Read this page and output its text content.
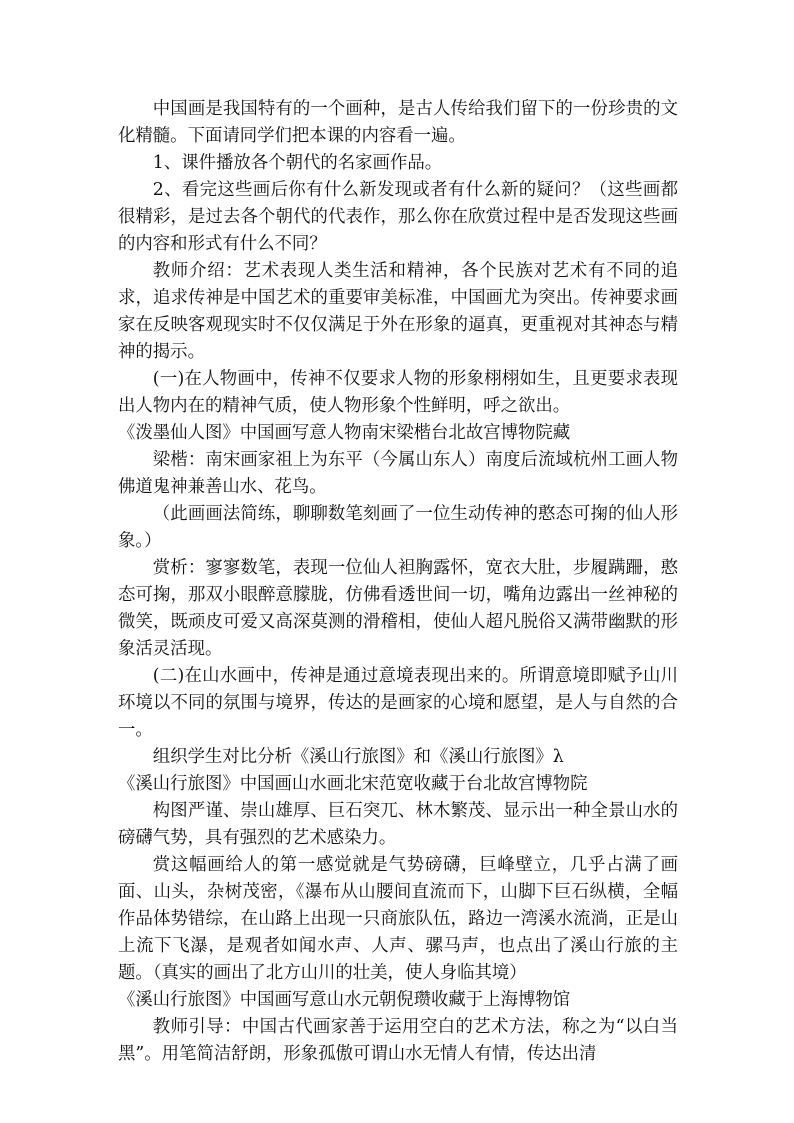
中国画是我国特有的一个画种，是古人传给我们留下的一份珍贵的文化精髓。下面请同学们把本课的内容看一遍。

1、课件播放各个朝代的名家画作品。

2、看完这些画后你有什么新发现或者有什么新的疑问？（这些画都很精彩，是过去各个朝代的代表作，那么你在欣赏过程中是否发现这些画的内容和形式有什么不同？

教师介绍：艺术表现人类生活和精神，各个民族对艺术有不同的追求，追求传神是中国艺术的重要审美标准，中国画尤为突出。传神要求画家在反映客观现实时不仅仅满足于外在形象的逼真，更重视对其神态与精神的揭示。

(一)在人物画中，传神不仅要求人物的形象栩栩如生，且更要求表现出人物内在的精神气质，使人物形象个性鲜明，呼之欲出。

《泼墨仙人图》中国画写意人物南宋梁楷台北故宫博物院藏

梁楷：南宋画家祖上为东平（今属山东人）南度后流域杭州工画人物佛道鬼神兼善山水、花鸟。

（此画画法简练，聊聊数笔刻画了一位生动传神的憨态可掬的仙人形象。）

赏析：寥寥数笔，表现一位仙人袒胸露怀，宽衣大肚，步履蹒跚，憨态可掬，那双小眼醉意朦胧，仿佛看透世间一切，嘴角边露出一丝神秘的微笑，既顽皮可爱又高深莫测的滑稽相，使仙人超凡脱俗又满带幽默的形象活灵活现。

(二)在山水画中，传神是通过意境表现出来的。所谓意境即赋予山川环境以不同的氛围与境界，传达的是画家的心境和愿望，是人与自然的合一。

组织学生对比分析《溪山行旅图》和《溪山行旅图》λ

《溪山行旅图》中国画山水画北宋范宽收藏于台北故宫博物院

构图严谨、崇山雄厚、巨石突兀、林木繁茂、显示出一种全景山水的磅礴气势，具有强烈的艺术感染力。

赏这幅画给人的第一感觉就是气势磅礴，巨峰壁立，几乎占满了画面、山头，杂树茂密，《瀑布从山腰间直流而下，山脚下巨石纵横，全幅作品体势错综，在山路上出现一只商旅队伍，路边一湾溪水流淌，正是山上流下飞瀑，是观者如闻水声、人声、骡马声，也点出了溪山行旅的主题。（真实的画出了北方山川的壮美，使人身临其境）

《溪山行旅图》中国画写意山水元朝倪瓒收藏于上海博物馆

教师引导：中国古代画家善于运用空白的艺术方法，称之为“以白当黑”。用笔简洁舒朗，形象孤傲可谓山水无情人有情，传达出清
